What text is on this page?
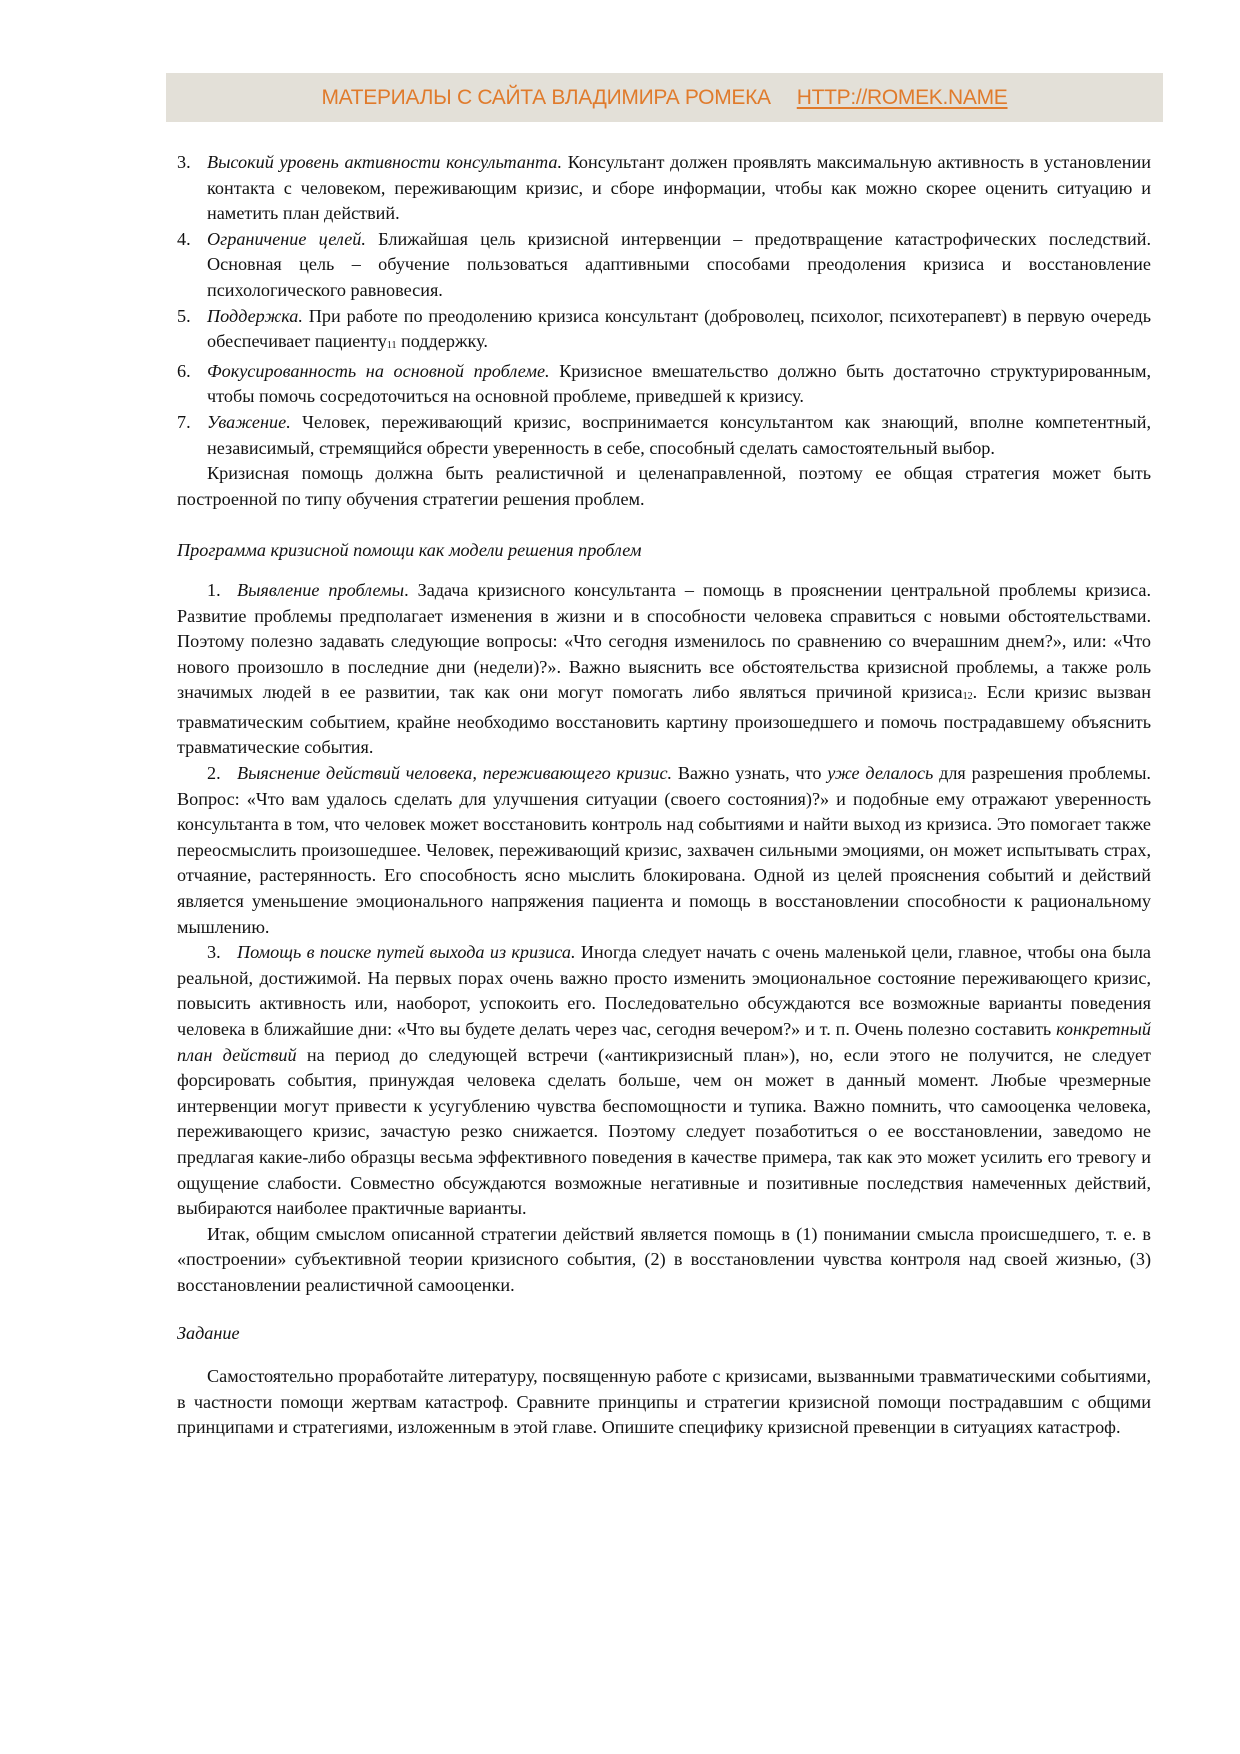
МАТЕРИАЛЫ С САЙТА ВЛАДИМИРА РОМЕКА HTTP://ROMEK.NAME
3. Высокий уровень активности консультанта. Консультант должен проявлять максимальную активность в установлении контакта с человеком, переживающим кризис, и сборе информации, чтобы как можно скорее оценить ситуацию и наметить план действий.

4. Ограничение целей. Ближайшая цель кризисной интервенции – предотвращение катастрофических последствий. Основная цель – обучение пользоваться адаптивными способами преодоления кризиса и восстановление психологического равновесия.

5. Поддержка. При работе по преодолению кризиса консультант (доброволец, психолог, психотерапевт) в первую очередь обеспечивает пациенту$_{11}$ поддержку.

6. Фокусированность на основной проблеме. Кризисное вмешательство должно быть достаточно структурированным, чтобы помочь сосредоточиться на основной проблеме, приведшей к кризису.

7. Уважение. Человек, переживающий кризис, воспринимается консультантом как знающий, вполне компетентный, независимый, стремящийся обрести уверенность в себе, способный сделать самостоятельный выбор.

Кризисная помощь должна быть реалистичной и целенаправленной, поэтому ее общая стратегия может быть построенной по типу обучения стратегии решения проблем.

Программа кризисной помощи как модели решения проблем

1. Выявление проблемы. Задача кризисного консультанта – помощь в прояснении центральной проблемы кризиса. Развитие проблемы предполагает изменения в жизни и в способности человека справиться с новыми обстоятельствами. Поэтому полезно задавать следующие вопросы: «Что сегодня изменилось по сравнению со вчерашним днем?», или: «Что нового произошло в последние дни (недели)?». Важно выяснить все обстоятельства кризисной проблемы, а также роль значимых людей в ее развитии, так как они могут помогать либо являться причиной кризиса$_{12}$. Если кризис вызван травматическим событием, крайне необходимо восстановить картину произошедшего и помочь пострадавшему объяснить травматические события.

2. Выяснение действий человека, переживающего кризис. Важно узнать, что уже делалось для разрешения проблемы. Вопрос: «Что вам удалось сделать для улучшения ситуации (своего состояния)?» и подобные ему отражают уверенность консультанта в том, что человек может восстановить контроль над событиями и найти выход из кризиса. Это помогает также переосмыслить произошедшее. Человек, переживающий кризис, захвачен сильными эмоциями, он может испытывать страх, отчаяние, растерянность. Его способность ясно мыслить блокирована. Одной из целей прояснения событий и действий является уменьшение эмоционального напряжения пациента и помощь в восстановлении способности к рациональному мышлению.

3. Помощь в поиске путей выхода из кризиса. Иногда следует начать с очень маленькой цели, главное, чтобы она была реальной, достижимой. На первых порах очень важно просто изменить эмоциональное состояние переживающего кризис, повысить активность или, наоборот, успокоить его. Последовательно обсуждаются все возможные варианты поведения человека в ближайшие дни: «Что вы будете делать через час, сегодня вечером?» и т. п. Очень полезно составить конкретный план действий на период до следующей встречи («антикризисный план»), но, если этого не получится, не следует форсировать события, принуждая человека сделать больше, чем он может в данный момент. Любые чрезмерные интервенции могут привести к усугублению чувства беспомощности и тупика. Важно помнить, что самооценка человека, переживающего кризис, зачастую резко снижается. Поэтому следует позаботиться о ее восстановлении, заведомо не предлагая какие-либо образцы весьма эффективного поведения в качестве примера, так как это может усилить его тревогу и ощущение слабости. Совместно обсуждаются возможные негативные и позитивные последствия намеченных действий, выбираются наиболее практичные варианты.

Итак, общим смыслом описанной стратегии действий является помощь в (1) понимании смысла происшедшего, т. е. в «построении» субъективной теории кризисного события, (2) в восстановлении чувства контроля над своей жизнью, (3) восстановлении реалистичной самооценки.

Задание

Самостоятельно проработайте литературу, посвященную работе с кризисами, вызванными травматическими событиями, в частности помощи жертвам катастроф. Сравните принципы и стратегии кризисной помощи пострадавшим с общими принципами и стратегиями, изложенным в этой главе. Опишите специфику кризисной превенции в ситуациях катастроф.
